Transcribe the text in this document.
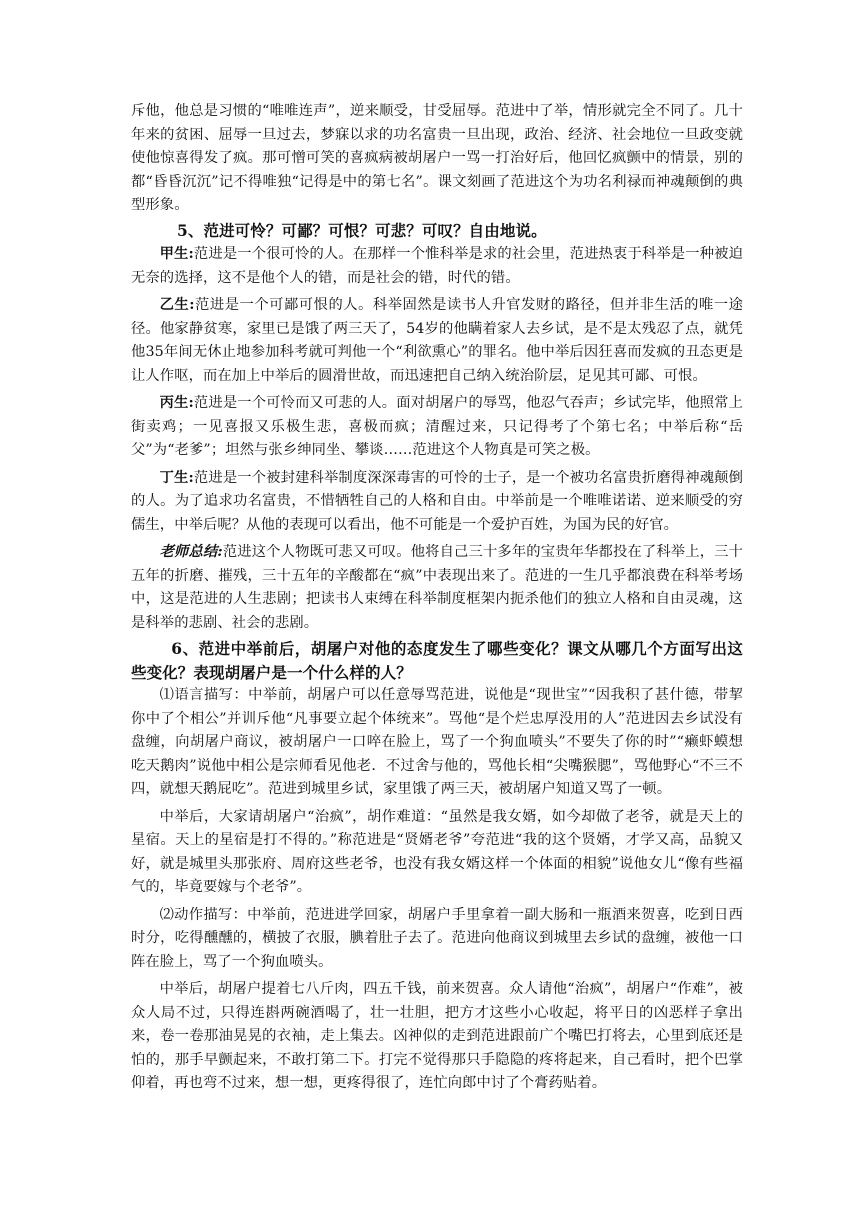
斥他，他总是习惯的“唯唯连声”，逆来顺受，甘受屈辱。范进中了举，情形就完全不同了。几十年来的贫困、屈辱一旦过去，梦寐以求的功名富贵一旦出现，政治、经济、社会地位一旦政变就使他惊喜得发了疯。那可憎可笑的喜疯病被胡屠户一骂一打治好后，他回忆疯颤中的情景，别的都“昏昏沉沉”记不得唯独“记得是中的第七名”。课文刻画了范进这个为功名利禄而神魂颠倒的典型形象。

5、范进可怜？可鄙？可恨？可悲？可叹？自由地说。

甲生:范进是一个很可怜的人。在那样一个惟科举是求的社会里，范进热衷于科举是一种被迫无奈的选择，这不是他个人的错，而是社会的错，时代的错。

乙生:范进是一个可鄙可恨的人。科举固然是读书人升官发财的路径，但并非生活的唯一途径。他家静贫寒，家里已是饿了两三天了，54岁的他瞒着家人去乡试，是不是太残忍了点，就凭他35年间无休止地参加科考就可判他一个“利欲熏心”的罪名。他中举后因狂喜而发疯的丑态更是让人作呕，而在加上中举后的圆滑世故，而迅速把自己纳入统治阶层，足见其可鄙、可恨。

丙生:范进是一个可怜而又可悲的人。面对胡屠户的辱骂，他忍气吞声；乡试完毕，他照常上街卖鸡；一见喜报又乐极生悲，喜极而疯；清醒过来，只记得考了个第七名；中举后称“岳父”为“老爹”；坦然与张乡绅同坐、攀谈……范进这个人物真是可笑之极。

丁生:范进是一个被封建科举制度深深毒害的可怜的士子，是一个被功名富贵折磨得神魂颠倒的人。为了追求功名富贵，不惜牺牲自己的人格和自由。中举前是一个唯唯诺诺、逆来顺受的穷儒生，中举后呢？从他的表现可以看出，他不可能是一个爱护百姓，为国为民的好官。

老师总结:范进这个人物既可悲又可叹。他将自己三十多年的宝贵年华都投在了科举上，三十五年的折磨、摧残，三十五年的辛酸都在“疯”中表现出来了。范进的一生几乎都浪费在科举考场中，这是范进的人生悲剧；把读书人束缚在科举制度框架内扼杀他们的独立人格和自由灵魂，这是科举的悲剧、社会的悲剧。

6、范进中举前后，胡屠户对他的态度发生了哪些变化？课文从哪几个方面写出这些变化？表现胡屠户是一个什么样的人？

⑴语言描写：中举前，胡屠户可以任意辱骂范进，说他是“现世宝”“因我积了甚什德，带挈你中了个相公”并训斥他“凡事要立起个体统来”。骂他“是个烂忠厚没用的人”范进因去乡试没有盘缠，向胡屠户商议，被胡屠户一口啐在脸上，骂了一个狗血喷头”不要失了你的时”“癞虾蟆想吃天鹅肉”说他中相公是宗师看见他老．不过舍与他的，骂他长相“尖嘴猴腮”，骂他野心“不三不四，就想天鹅屁吃”。范进到城里乡试，家里饿了两三天，被胡屠户知道又骂了一顿。

中举后，大家请胡屠户“治疯”，胡作难道：“虽然是我女婿，如今却做了老爷，就是天上的星宿。天上的星宿是打不得的。”称范进是“贤婿老爷”夸范进“我的这个贤婿，才学又高，品貌又好，就是城里头那张府、周府这些老爷，也没有我女婿这样一个体面的相貌”说他女儿“像有些福气的，毕竟要嫁与个老爷”。

⑵动作描写：中举前，范进进学回家，胡屠户手里拿着一副大肠和一瓶酒来贺喜，吃到日西时分，吃得醺醺的，横披了衣服，腆着肚子去了。范进向他商议到城里去乡试的盘缠，被他一口阵在脸上，骂了一个狗血喷头。

中举后，胡屠户提着七八斤肉，四五千钱，前来贺喜。众人请他“治疯”，胡屠户“作难”，被众人局不过，只得连斟两碗酒喝了，壮一壮胆，把方才这些小心收起，将平日的凶恶样子拿出来，卷一卷那油晃晃的衣袖，走上集去。凶神似的走到范进跟前广个嘴巴打将去，心里到底还是怕的，那手早颤起来，不敢打第二下。打完不觉得那只手隐隐的疼将起来，自己看时，把个巴掌仰着，再也弯不过来，想一想，更疼得很了，连忙向郎中讨了个膏药贴着。
